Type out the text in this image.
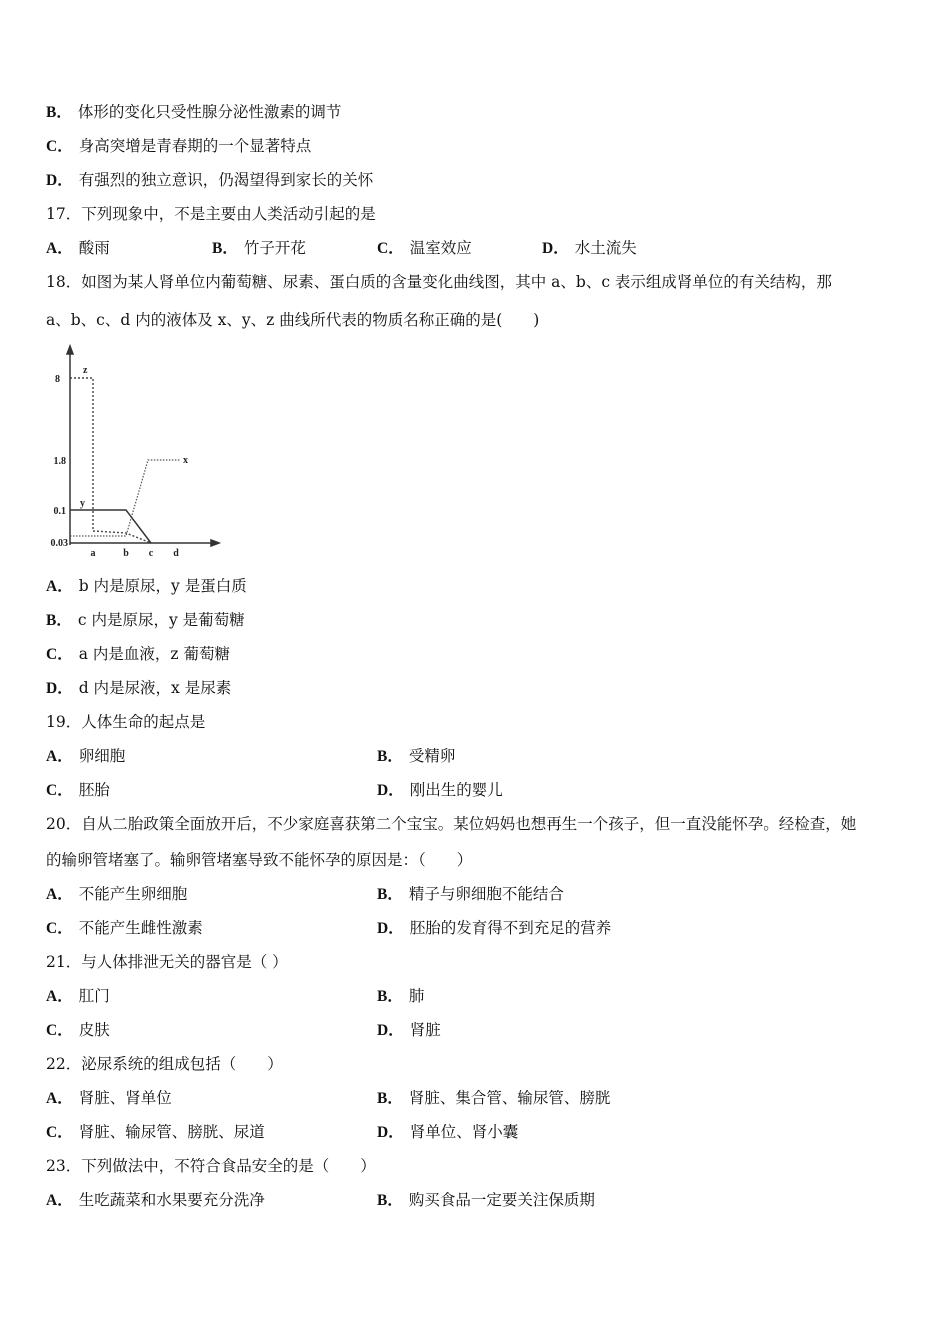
B． 体形的变化只受性腺分泌性激素的调节
C． 身高突增是青春期的一个显著特点
D． 有强烈的独立意识，仍渴望得到家长的关怀
17．下列现象中，不是主要由人类活动引起的是
A． 酸雨	B． 竹子开花	C． 温室效应	D． 水土流失
18．如图为某人肾单位内葡萄糖、尿素、蛋白质的含量变化曲线图，其中 a、b、c 表示组成肾单位的有关结构，那
a、b、c、d 内的液体及 x、y、z 曲线所代表的物质名称正确的是(　　)
8
1.8
0.1
0.03
a	b c d
z
x
y
A． b 内是原尿，y 是蛋白质
B． c 内是原尿，y 是葡萄糖
C． a 内是血液，z 葡萄糖
D． d 内是尿液，x 是尿素
19．人体生命的起点是
A． 卵细胞	B． 受精卵
C． 胚胎	D． 刚出生的婴儿
20．自从二胎政策全面放开后，不少家庭喜获第二个宝宝。某位妈妈也想再生一个孩子，但一直没能怀孕。经检查，她
的输卵管堵塞了。输卵管堵塞导致不能怀孕的原因是：（　　）
A． 不能产生卵细胞	B． 精子与卵细胞不能结合
C． 不能产生雌性激素	D． 胚胎的发育得不到充足的营养
21．与人体排泄无关的器官是（ ）
A． 肛门	B． 肺
C． 皮肤	D． 肾脏
22．泌尿系统的组成包括（　　）
A． 肾脏、肾单位	B． 肾脏、集合管、输尿管、膀胱
C． 肾脏、输尿管、膀胱、尿道	D． 肾单位、肾小囊
23．下列做法中，不符合食品安全的是（　　）
A． 生吃蔬菜和水果要充分洗净	B． 购买食品一定要关注保质期
